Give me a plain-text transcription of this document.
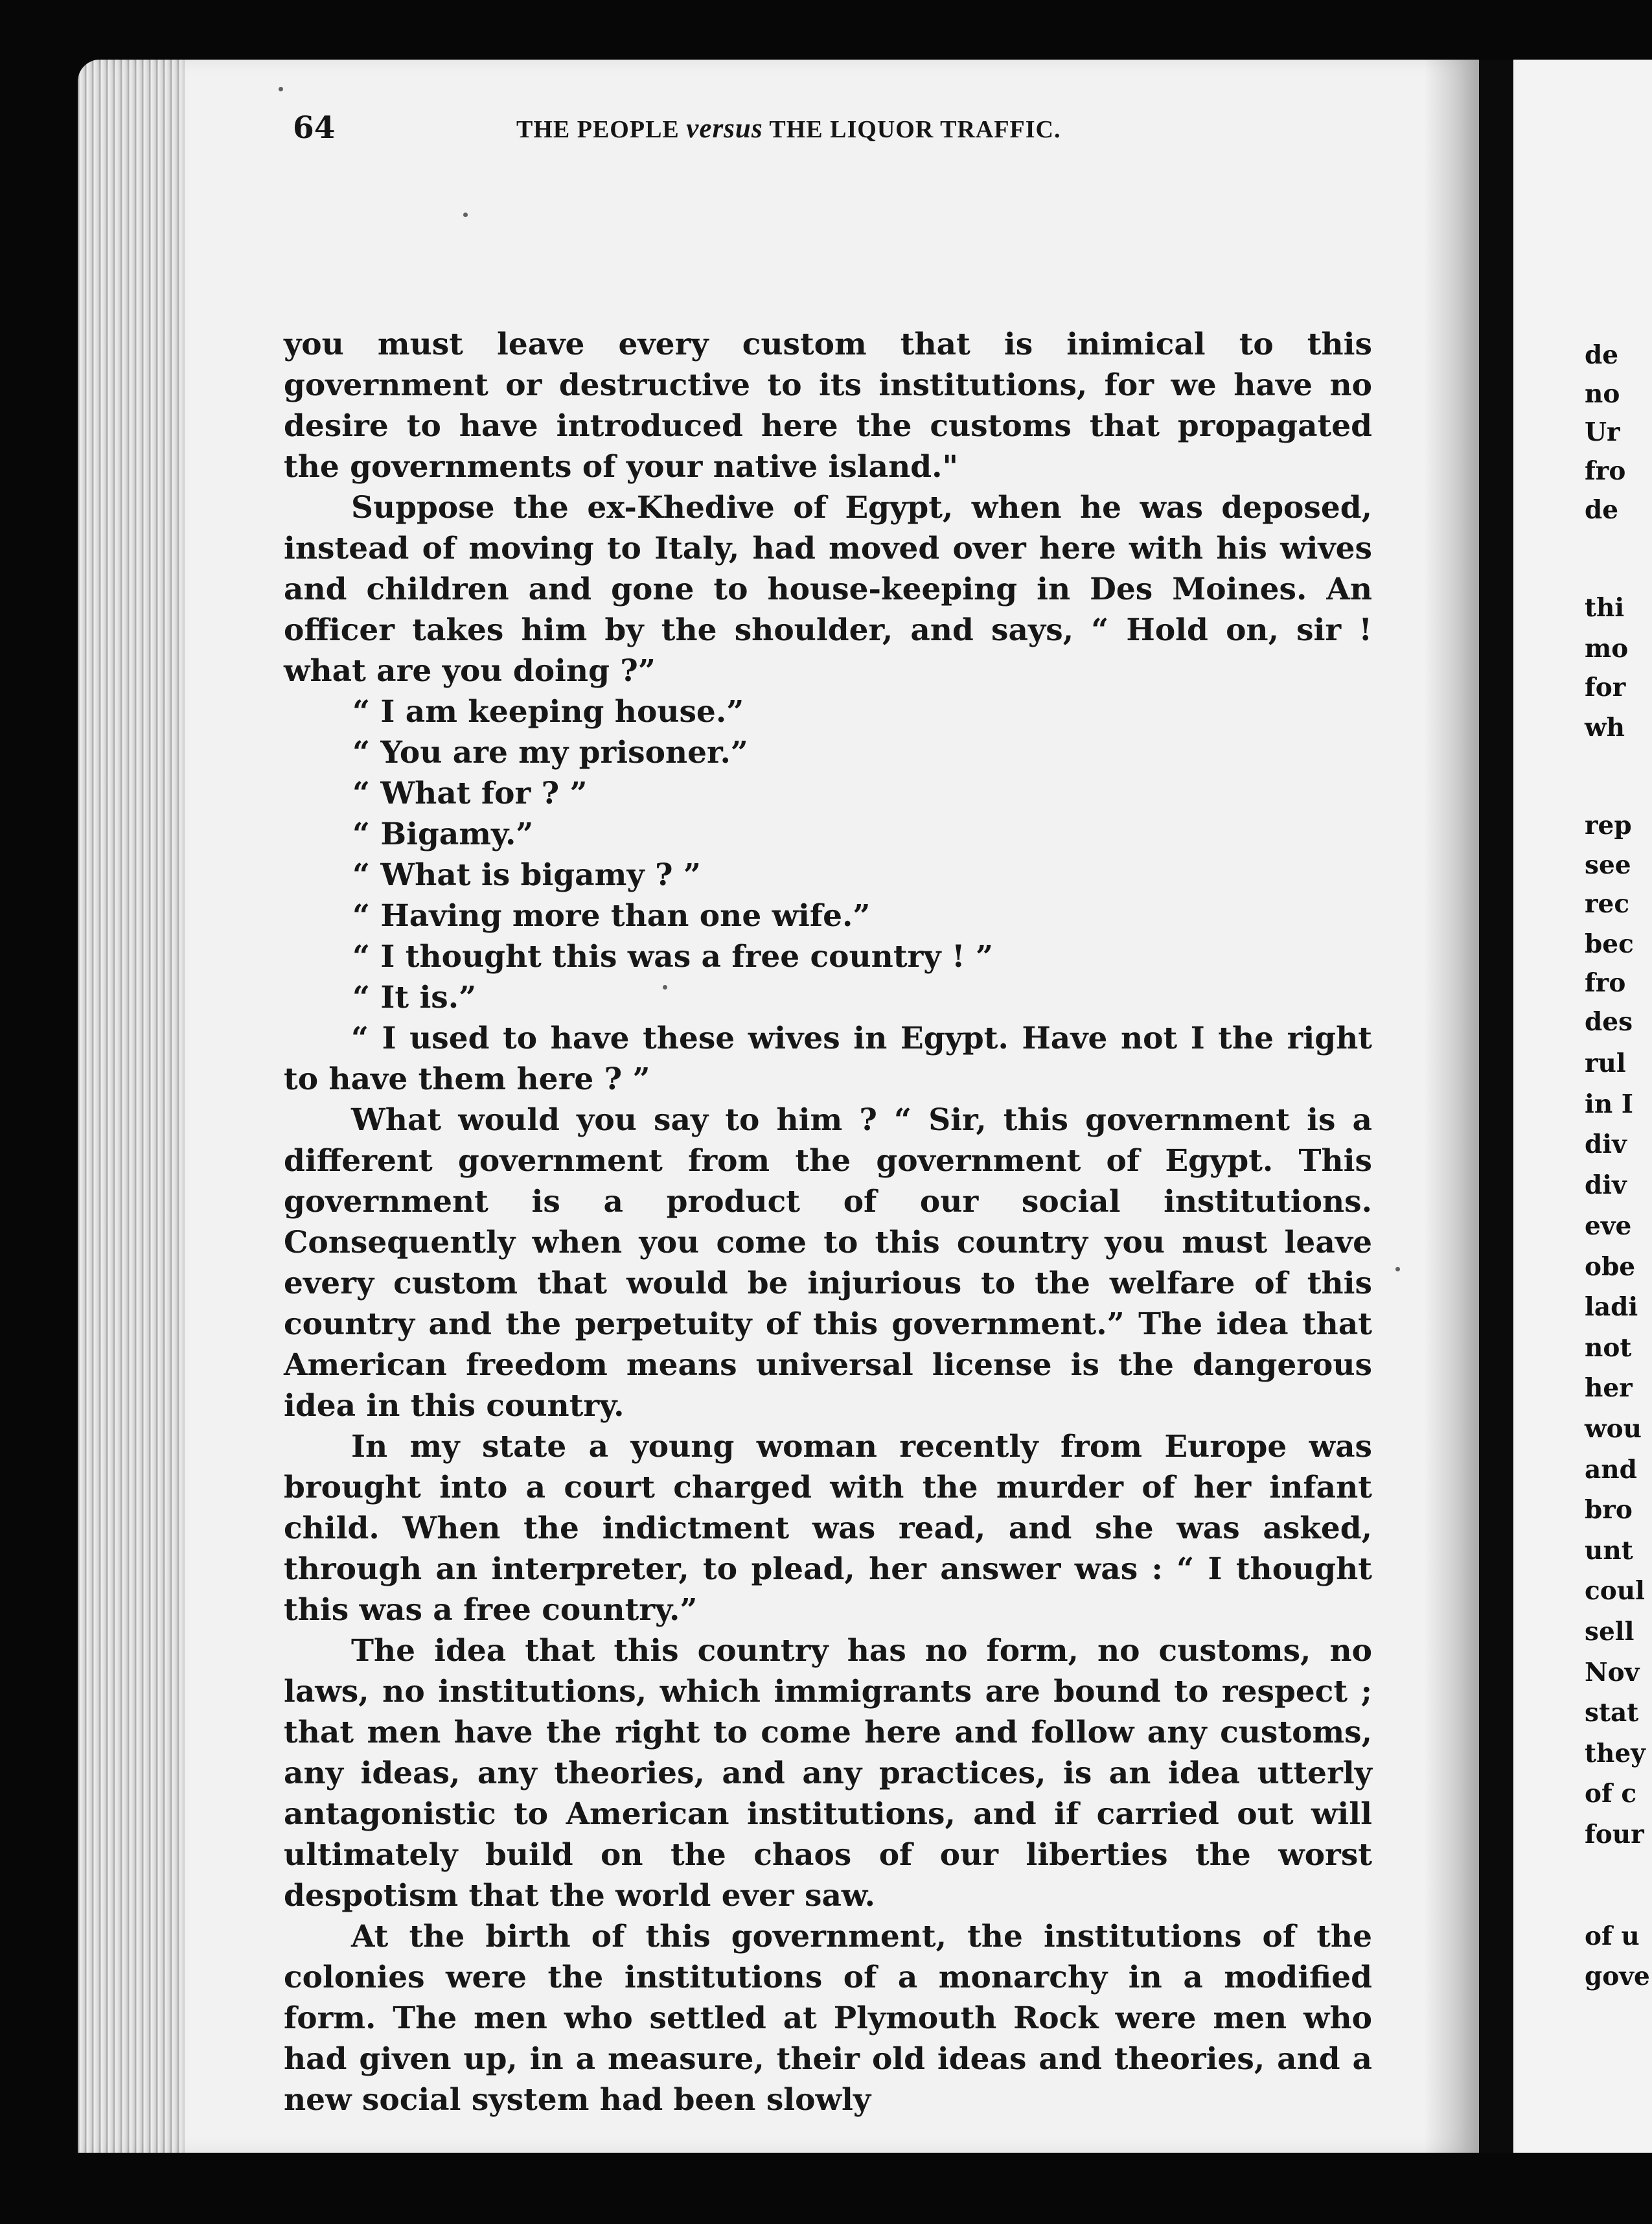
de

no

Ur

fro

de

thi

mo

for

wh

rep

see

rec

bec

fro

des

rul

in I

div

div

eve

obe

ladi

not

her

wou

and

bro

unt

coul

sell

Nov

stat

they

of c

four

of u

gove

64	THE PEOPLE versus THE LIQUOR TRAFFIC.

you must leave every custom that is inimical to this government or destructive to its institutions, for we have no desire to have introduced here the customs that propagated the governments of your native island."

Suppose the ex-Khedive of Egypt, when he was deposed, instead of moving to Italy, had moved over here with his wives and children and gone to house-keeping in Des Moines. An officer takes him by the shoulder, and says, “ Hold on, sir ! what are you doing ?”

“ I am keeping house.”

“ You are my prisoner.”

“ What for ? ”

“ Bigamy.”

“ What is bigamy ? ”

“ Having more than one wife.”

“ I thought this was a free country ! ”

“ It is.”

“ I used to have these wives in Egypt. Have not I the right to have them here ? ”

What would you say to him ? “ Sir, this government is a different government from the government of Egypt. This government is a product of our social institutions. Consequently when you come to this country you must leave every custom that would be injurious to the welfare of this country and the perpetuity of this government.” The idea that American freedom means universal license is the dangerous idea in this country.

In my state a young woman recently from Europe was brought into a court charged with the murder of her infant child. When the indictment was read, and she was asked, through an interpreter, to plead, her answer was : “ I thought this was a free country.”

The idea that this country has no form, no customs, no laws, no institutions, which immigrants are bound to respect ; that men have the right to come here and follow any customs, any ideas, any theories, and any practices, is an idea utterly antagonistic to American institutions, and if carried out will ultimately build on the chaos of our liberties the worst despotism that the world ever saw.

At the birth of this government, the institutions of the colonies were the institutions of a monarchy in a modified form. The men who settled at Plymouth Rock were men who had given up, in a measure, their old ideas and theories, and a new social system had been slowly
